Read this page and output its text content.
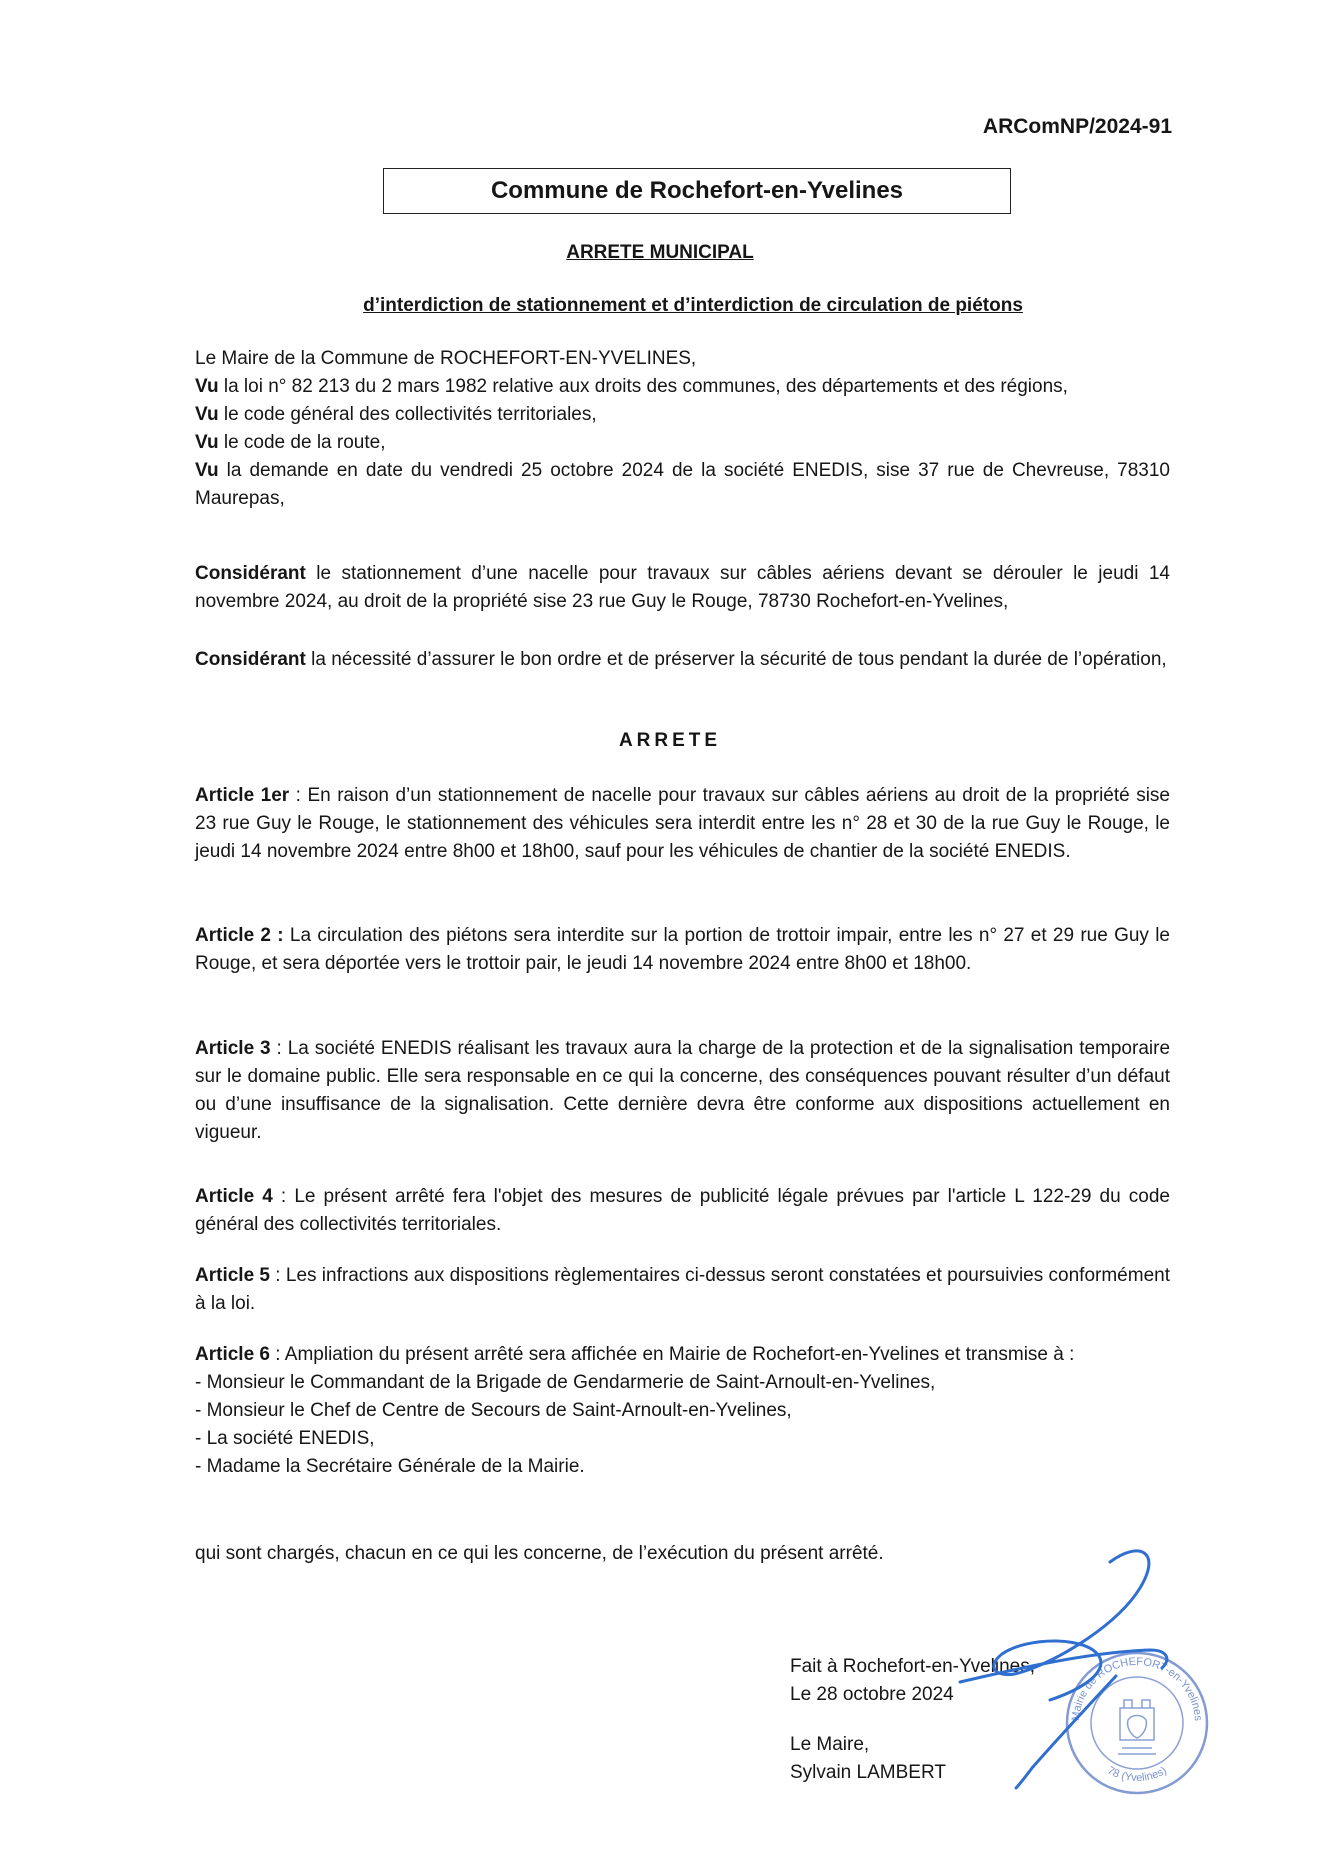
ARComNP/2024-91
Commune de Rochefort-en-Yvelines
ARRETE MUNICIPAL
d’interdiction de stationnement et d’interdiction de circulation de piétons

Le Maire de la Commune de ROCHEFORT-EN-YVELINES,

Vu la loi n° 82 213 du 2 mars 1982 relative aux droits des communes, des départements et des régions,

Vu le code général des collectivités territoriales,

Vu le code de la route,

Vu la demande en date du vendredi 25 octobre 2024 de la société ENEDIS, sise 37 rue de Chevreuse, 78310 Maurepas,

Considérant le stationnement d’une nacelle pour travaux sur câbles aériens devant se dérouler le jeudi 14 novembre 2024, au droit de la propriété sise 23 rue Guy le Rouge, 78730 Rochefort-en-Yvelines,

Considérant la nécessité d’assurer le bon ordre et de préserver la sécurité de tous pendant la durée de l’opération,

ARRETE

Article 1er : En raison d’un stationnement de nacelle pour travaux sur câbles aériens au droit de la propriété sise 23 rue Guy le Rouge, le stationnement des véhicules sera interdit entre les n° 28 et 30 de la rue Guy le Rouge, le jeudi 14 novembre 2024 entre 8h00 et 18h00, sauf pour les véhicules de chantier de la société ENEDIS.

Article 2 : La circulation des piétons sera interdite sur la portion de trottoir impair, entre les n° 27 et 29 rue Guy le Rouge, et sera déportée vers le trottoir pair, le jeudi 14 novembre 2024 entre 8h00 et 18h00.

Article 3 : La société ENEDIS réalisant les travaux aura la charge de la protection et de la signalisation temporaire sur le domaine public. Elle sera responsable en ce qui la concerne, des conséquences pouvant résulter d’un défaut ou d’une insuffisance de la signalisation. Cette dernière devra être conforme aux dispositions actuellement en vigueur.

Article 4 : Le présent arrêté fera l'objet des mesures de publicité légale prévues par l'article L 122-29 du code général des collectivités territoriales.

Article 5 : Les infractions aux dispositions règlementaires ci-dessus seront constatées et poursuivies conformément à la loi.

Article 6 : Ampliation du présent arrêté sera affichée en Mairie de Rochefort-en-Yvelines et transmise à :

- Monsieur le Commandant de la Brigade de Gendarmerie de Saint-Arnoult-en-Yvelines,

- Monsieur le Chef de Centre de Secours de Saint-Arnoult-en-Yvelines,

- La société ENEDIS,

- Madame la Secrétaire Générale de la Mairie.

qui sont chargés, chacun en ce qui les concerne, de l’exécution du présent arrêté.

Fait à Rochefort-en-Yvelines,

Le 28 octobre 2024

Le Maire,

Sylvain LAMBERT

Mairie de ROCHEFORT-en-Yvelines
78 (Yvelines)
